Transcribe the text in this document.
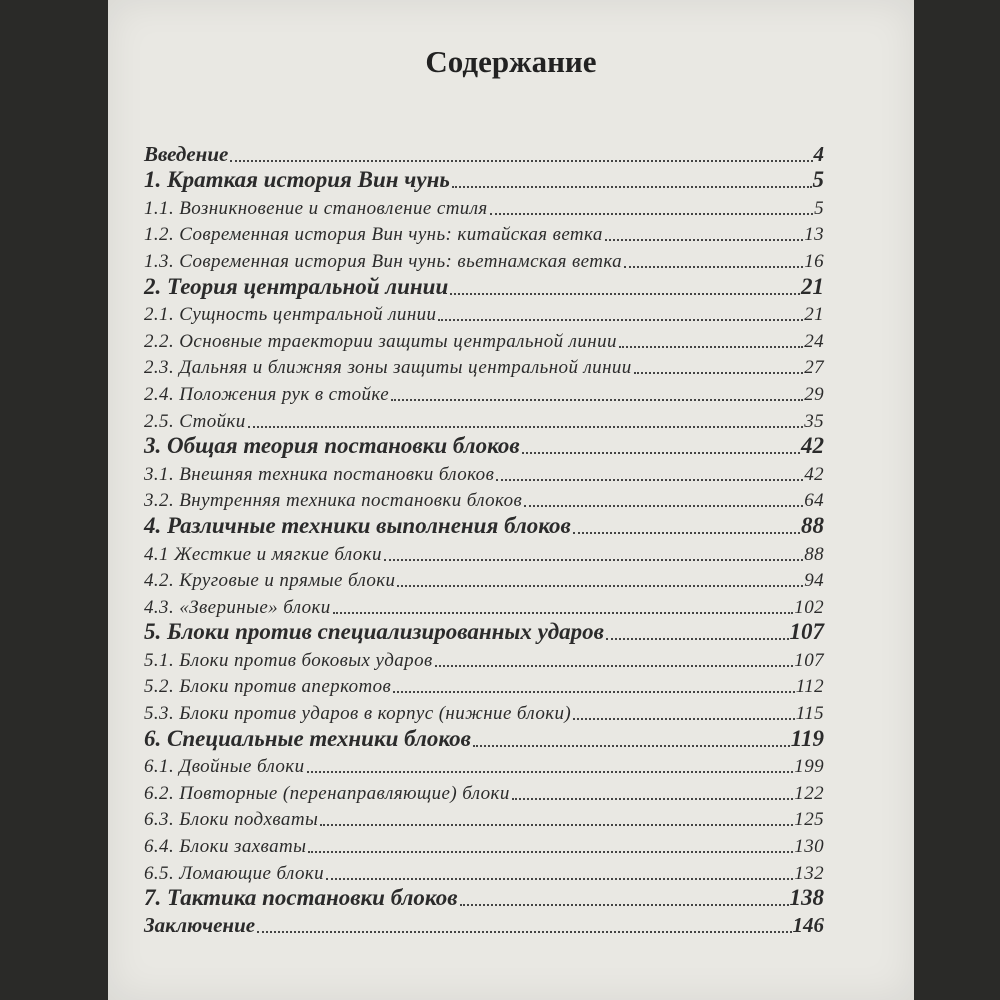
Содержание
Введение	4
1. Краткая история Вин чунь	5
1.1. Возникновение и становление стиля	5
1.2. Современная история Вин чунь: китайская ветка	13
1.3. Современная история Вин чунь: вьетнамская ветка	16
2. Теория центральной линии	21
2.1. Сущность центральной линии	21
2.2. Основные траектории защиты центральной линии	24
2.3. Дальняя и ближняя зоны защиты центральной линии	27
2.4. Положения рук в стойке	29
2.5. Стойки	35
3. Общая теория постановки блоков	42
3.1. Внешняя техника постановки блоков	42
3.2. Внутренняя техника постановки блоков	64
4. Различные техники выполнения блоков	88
4.1 Жесткие и мягкие блоки	88
4.2. Круговые и прямые блоки	94
4.3. «Звериные» блоки	102
5. Блоки против специализированных ударов	107
5.1. Блоки против боковых ударов	107
5.2. Блоки против аперкотов	112
5.3. Блоки против ударов в корпус (нижние блоки)	115
6. Специальные техники блоков	119
6.1. Двойные блоки	199
6.2. Повторные (перенаправляющие) блоки	122
6.3. Блоки подхваты	125
6.4. Блоки захваты	130
6.5. Ломающие блоки	132
7. Тактика постановки блоков	138
Заключение	146
